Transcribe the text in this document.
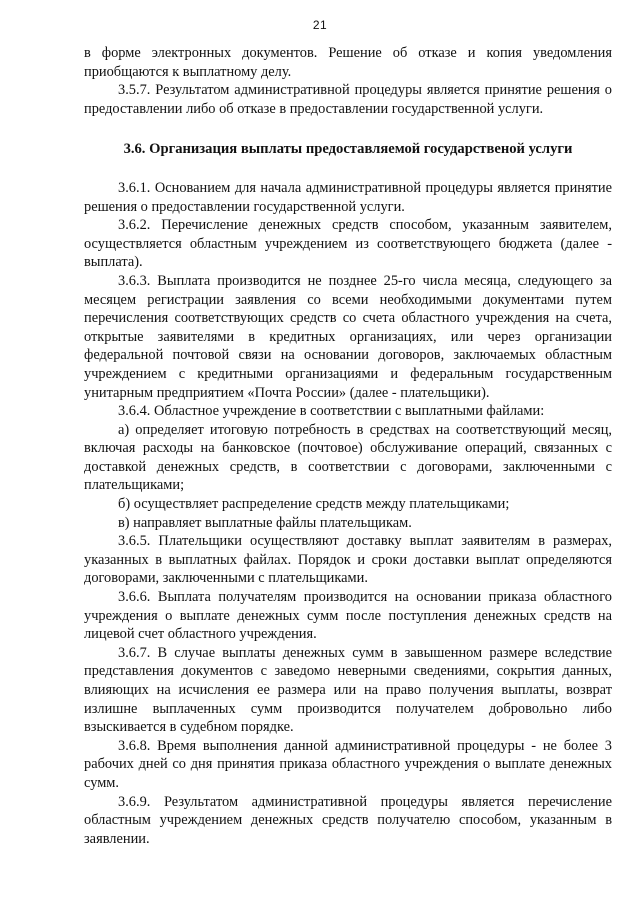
21

в форме электронных документов. Решение об отказе и копия уведомления приобщаются к выплатному делу.

3.5.7. Результатом административной процедуры является принятие решения о предоставлении либо об отказе в предоставлении государственной услуги.

3.6. Организация выплаты предоставляемой государственой услуги

3.6.1. Основанием для начала административной процедуры является принятие решения о предоставлении государственной услуги.

3.6.2. Перечисление денежных средств способом, указанным заявителем, осуществляется областным учреждением из соответствующего бюджета (далее - выплата).

3.6.3. Выплата производится не позднее 25-го числа месяца, следующего за месяцем регистрации заявления со всеми необходимыми документами путем перечисления соответствующих средств со счета областного учреждения на счета, открытые заявителями в кредитных организациях, или через организации федеральной почтовой связи на основании договоров, заключаемых областным учреждением с кредитными организациями и федеральным государственным унитарным предприятием «Почта России» (далее - плательщики).

3.6.4. Областное учреждение в соответствии с выплатными файлами:

а) определяет итоговую потребность в средствах на соответствующий месяц, включая расходы на банковское (почтовое) обслуживание операций, связанных с доставкой денежных средств, в соответствии с договорами, заключенными с плательщиками;

б) осуществляет распределение средств между плательщиками;

в) направляет выплатные файлы плательщикам.

3.6.5. Плательщики осуществляют доставку выплат заявителям в размерах, указанных в выплатных файлах. Порядок и сроки доставки выплат определяются договорами, заключенными с плательщиками.

3.6.6. Выплата получателям производится на основании приказа областного учреждения о выплате денежных сумм после поступления денежных средств на лицевой счет областного учреждения.

3.6.7. В случае выплаты денежных сумм в завышенном размере вследствие представления документов с заведомо неверными сведениями, сокрытия данных, влияющих на исчисления ее размера или на право получения выплаты, возврат излишне выплаченных сумм производится получателем добровольно либо взыскивается в судебном порядке.

3.6.8. Время выполнения данной административной процедуры - не более 3 рабочих дней со дня принятия приказа областного учреждения о выплате денежных сумм.

3.6.9. Результатом административной процедуры является перечисление областным учреждением денежных средств получателю способом, указанным в заявлении.
